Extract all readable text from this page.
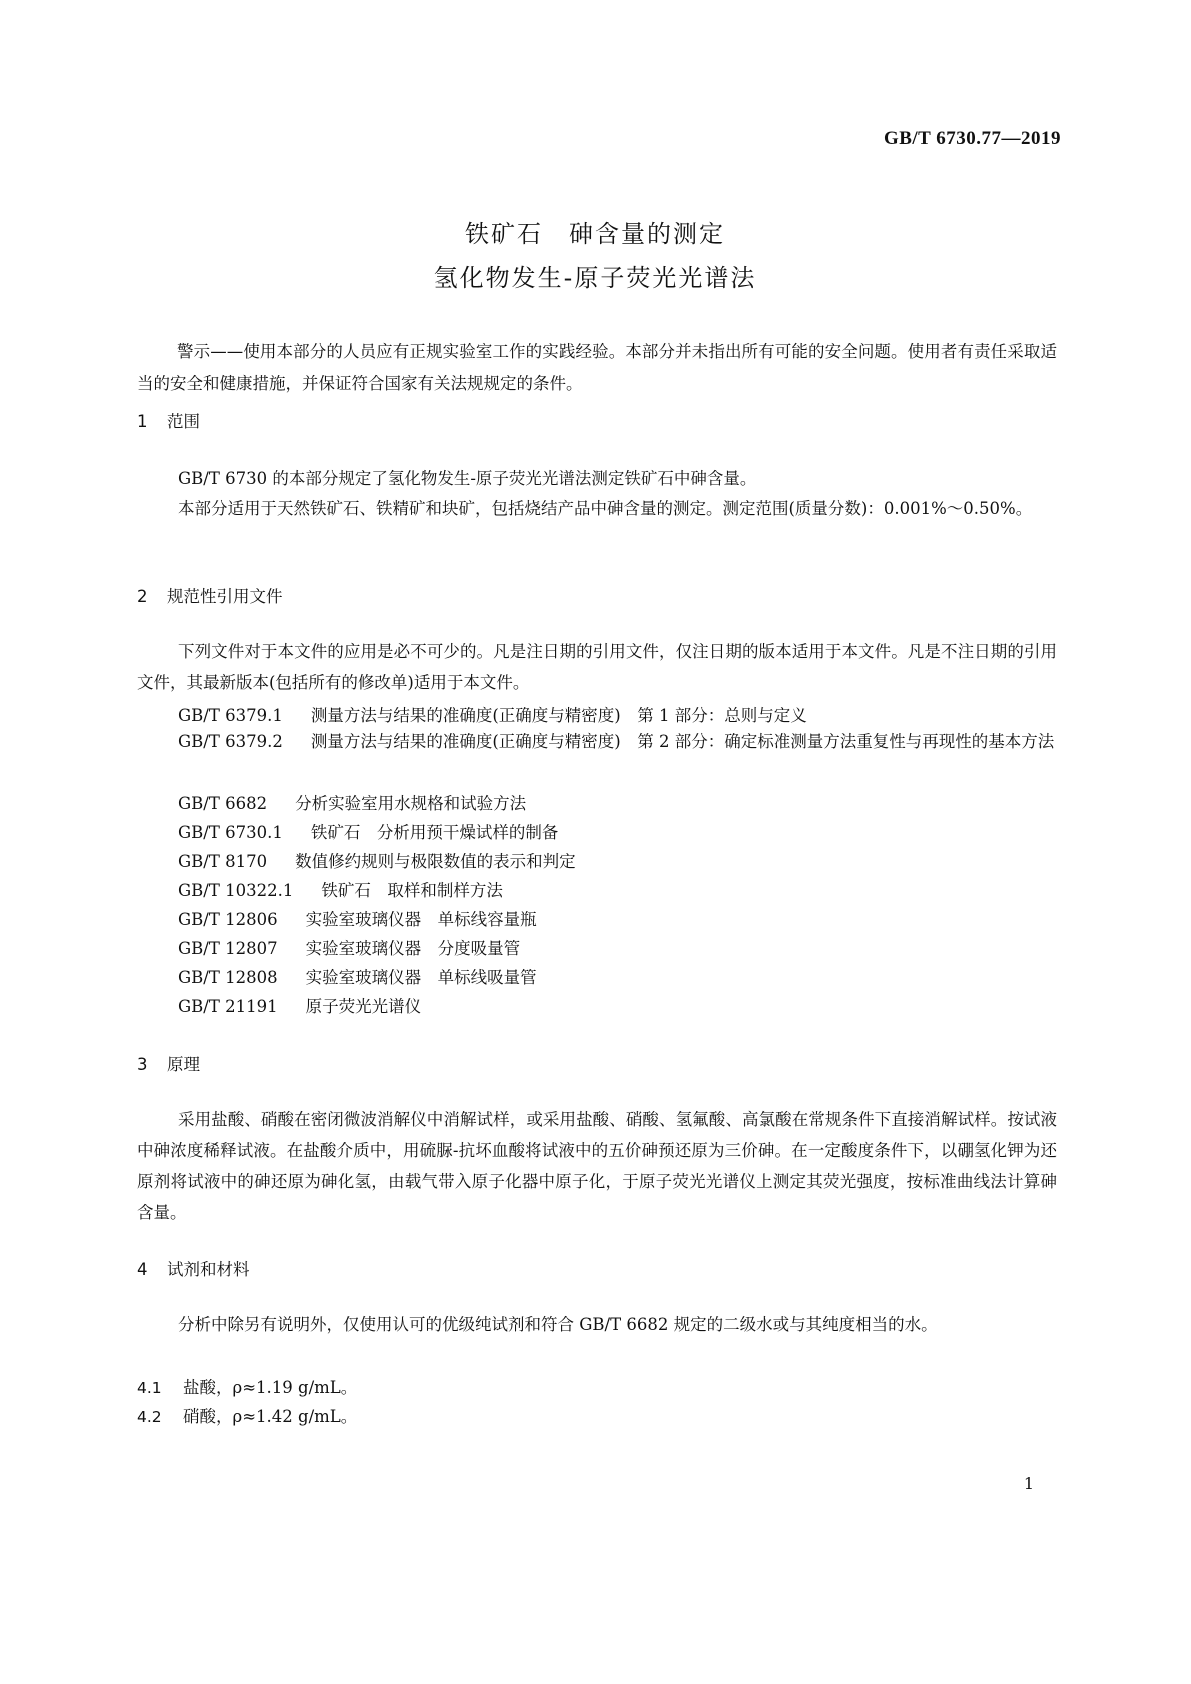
GB/T 6730.77—2019
铁矿石　砷含量的测定
氢化物发生-原子荧光光谱法
警示——使用本部分的人员应有正规实验室工作的实践经验。本部分并未指出所有可能的安全问题。使用者有责任采取适当的安全和健康措施，并保证符合国家有关法规规定的条件。
1 范围
GB/T 6730 的本部分规定了氢化物发生-原子荧光光谱法测定铁矿石中砷含量。
本部分适用于天然铁矿石、铁精矿和块矿，包括烧结产品中砷含量的测定。测定范围(质量分数)：0.001%～0.50%。
2 规范性引用文件
下列文件对于本文件的应用是必不可少的。凡是注日期的引用文件，仅注日期的版本适用于本文件。凡是不注日期的引用文件，其最新版本(包括所有的修改单)适用于本文件。
GB/T 6379.1 测量方法与结果的准确度(正确度与精密度)　第 1 部分：总则与定义
GB/T 6379.2 测量方法与结果的准确度(正确度与精密度)　第 2 部分：确定标准测量方法重复性与再现性的基本方法
GB/T 6682 分析实验室用水规格和试验方法
GB/T 6730.1 铁矿石　分析用预干燥试样的制备
GB/T 8170 数值修约规则与极限数值的表示和判定
GB/T 10322.1 铁矿石　取样和制样方法
GB/T 12806 实验室玻璃仪器　单标线容量瓶
GB/T 12807 实验室玻璃仪器　分度吸量管
GB/T 12808 实验室玻璃仪器　单标线吸量管
GB/T 21191 原子荧光光谱仪
3 原理
采用盐酸、硝酸在密闭微波消解仪中消解试样，或采用盐酸、硝酸、氢氟酸、高氯酸在常规条件下直接消解试样。按试液中砷浓度稀释试液。在盐酸介质中，用硫脲-抗坏血酸将试液中的五价砷预还原为三价砷。在一定酸度条件下，以硼氢化钾为还原剂将试液中的砷还原为砷化氢，由载气带入原子化器中原子化，于原子荧光光谱仪上测定其荧光强度，按标准曲线法计算砷含量。
4 试剂和材料
分析中除另有说明外，仅使用认可的优级纯试剂和符合 GB/T 6682 规定的二级水或与其纯度相当的水。
4.1 盐酸，ρ≈1.19 g/mL。
4.2 硝酸，ρ≈1.42 g/mL。
1
